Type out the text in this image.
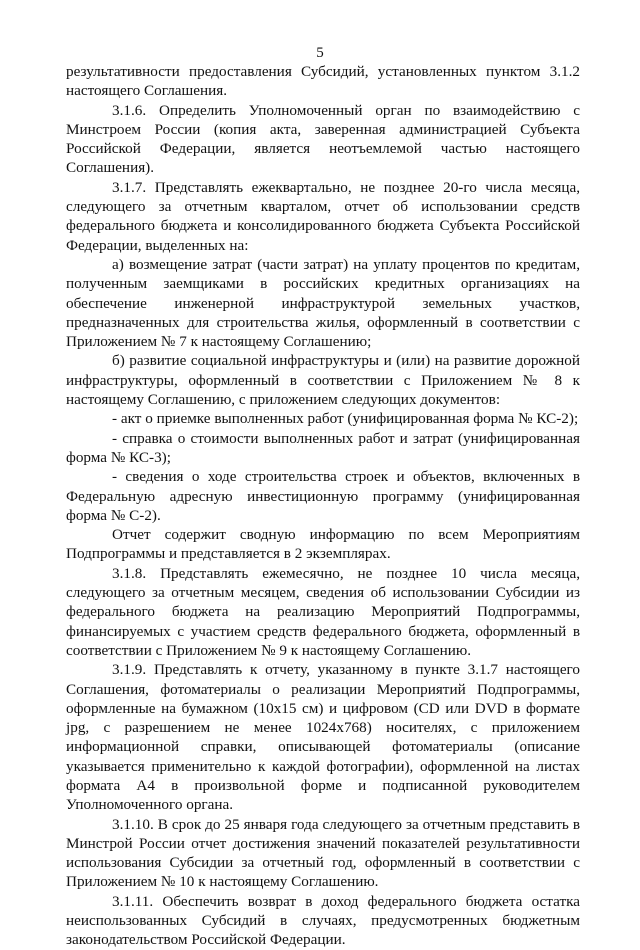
5

результативности предоставления Субсидий, установленных пунктом 3.1.2 настоящего Соглашения.

3.1.6. Определить Уполномоченный орган по взаимодействию с Минстроем России (копия акта, заверенная администрацией Субъекта Российской Федерации, является неотъемлемой частью настоящего Соглашения).

3.1.7. Представлять ежеквартально, не позднее 20-го числа месяца, следующего за отчетным кварталом, отчет об использовании средств федерального бюджета и консолидированного бюджета Субъекта Российской Федерации, выделенных на:

а) возмещение затрат (части затрат) на уплату процентов по кредитам, полученным заемщиками в российских кредитных организациях на обеспечение инженерной инфраструктурой земельных участков, предназначенных для строительства жилья, оформленный в соответствии с Приложением № 7 к настоящему Соглашению;

б) развитие социальной инфраструктуры и (или) на развитие дорожной инфраструктуры, оформленный в соответствии с Приложением № 8 к настоящему Соглашению, с приложением следующих документов:

- акт о приемке выполненных работ (унифицированная форма № КС-2);

- справка о стоимости выполненных работ и затрат (унифицированная форма № КС-3);

- сведения о ходе строительства строек и объектов, включенных в Федеральную адресную инвестиционную программу (унифицированная форма № С-2).

Отчет содержит сводную информацию по всем Мероприятиям Подпрограммы и представляется в 2 экземплярах.

3.1.8. Представлять ежемесячно, не позднее 10 числа месяца, следующего за отчетным месяцем, сведения об использовании Субсидии из федерального бюджета на реализацию Мероприятий Подпрограммы, финансируемых с участием средств федерального бюджета, оформленный в соответствии с Приложением № 9 к настоящему Соглашению.

3.1.9. Представлять к отчету, указанному в пункте 3.1.7 настоящего Соглашения, фотоматериалы о реализации Мероприятий Подпрограммы, оформленные на бумажном (10х15 см) и цифровом (CD или DVD в формате jpg, с разрешением не менее 1024х768) носителях, с приложением информационной справки, описывающей фотоматериалы (описание указывается применительно к каждой фотографии), оформленной на листах формата А4 в произвольной форме и подписанной руководителем Уполномоченного органа.

3.1.10. В срок до 25 января года следующего за отчетным представить в Минстрой России отчет достижения значений показателей результативности использования Субсидии за отчетный год, оформленный в соответствии с Приложением № 10 к настоящему Соглашению.

3.1.11. Обеспечить возврат в доход федерального бюджета остатка неиспользованных Субсидий в случаях, предусмотренных бюджетным законодательством Российской Федерации.
